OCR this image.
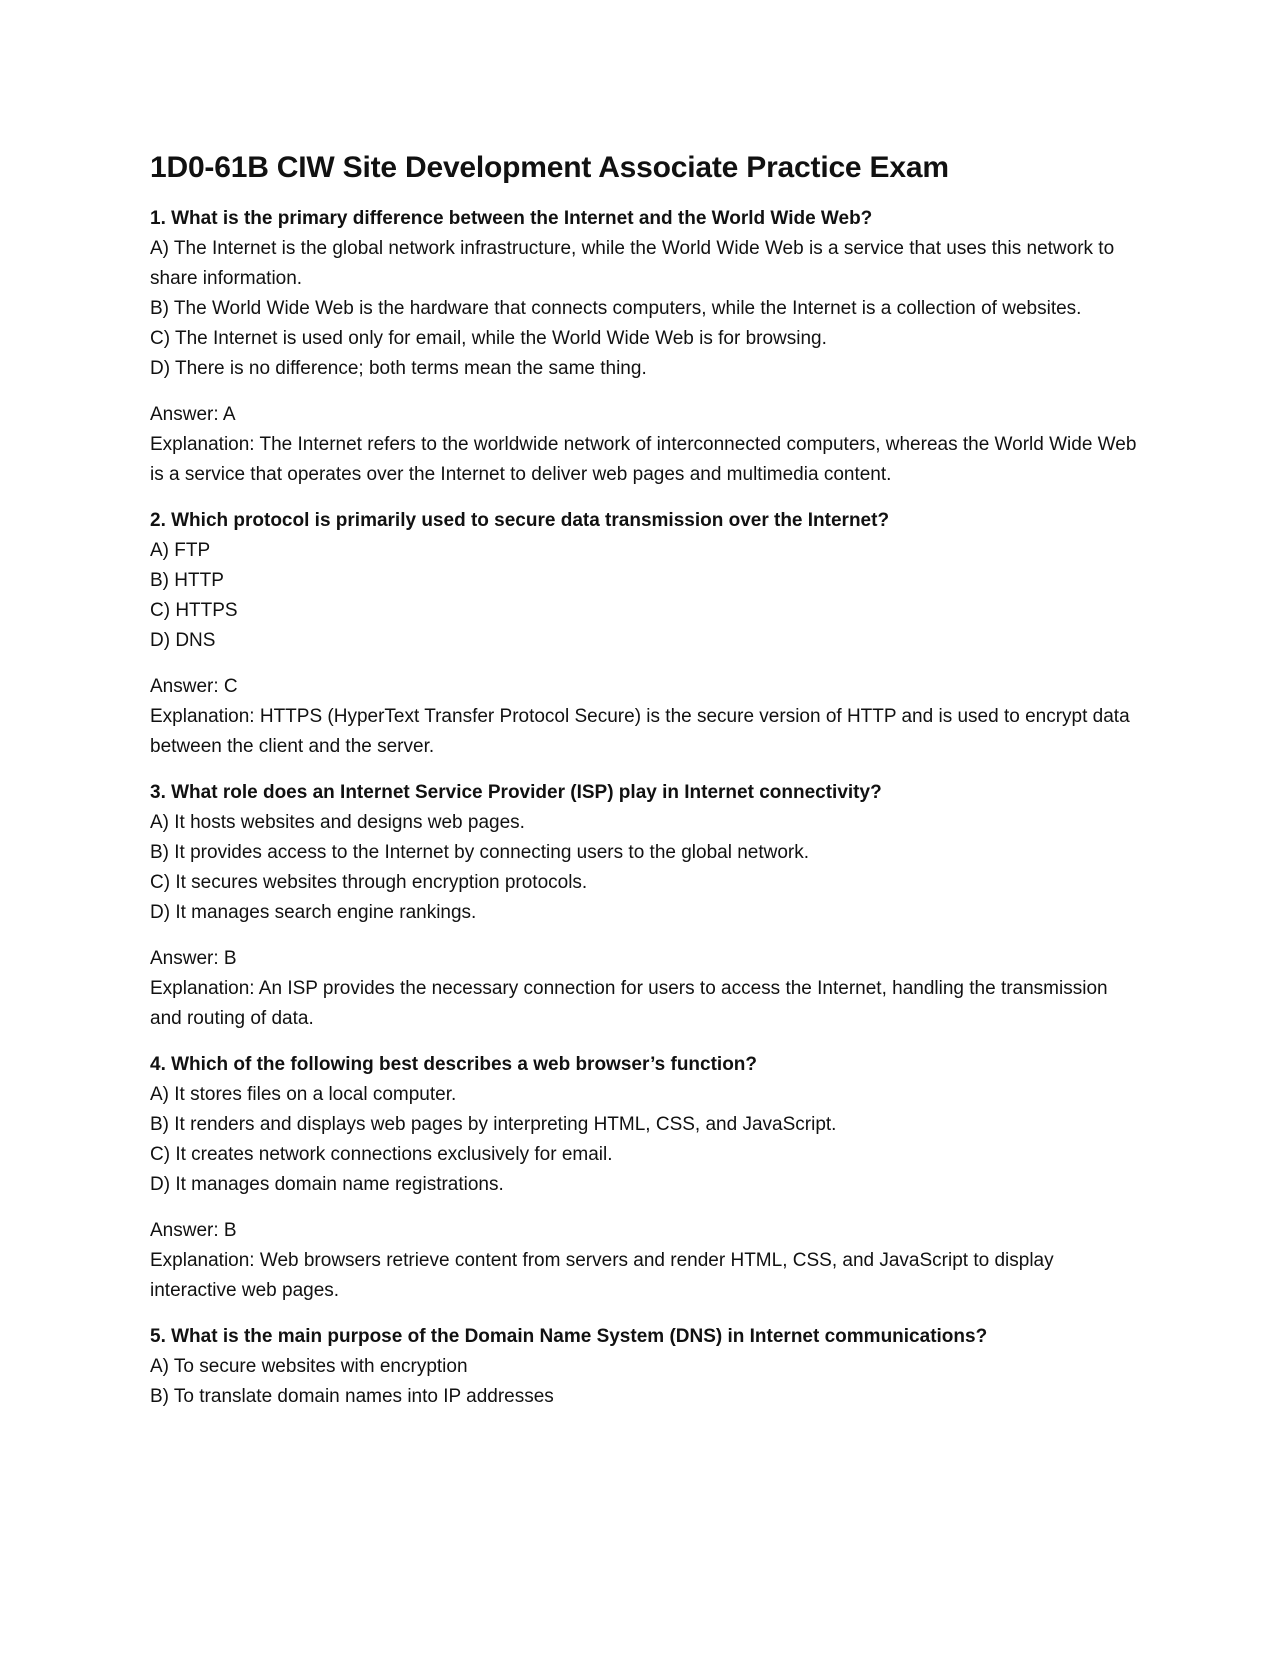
1D0-61B CIW Site Development Associate Practice Exam

1. What is the primary difference between the Internet and the World Wide Web?

A) The Internet is the global network infrastructure, while the World Wide Web is a service that uses this network to share information.

B) The World Wide Web is the hardware that connects computers, while the Internet is a collection of websites.

C) The Internet is used only for email, while the World Wide Web is for browsing.

D) There is no difference; both terms mean the same thing.

Answer: A

Explanation: The Internet refers to the worldwide network of interconnected computers, whereas the World Wide Web is a service that operates over the Internet to deliver web pages and multimedia content.

2. Which protocol is primarily used to secure data transmission over the Internet?

A) FTP

B) HTTP

C) HTTPS

D) DNS

Answer: C

Explanation: HTTPS (HyperText Transfer Protocol Secure) is the secure version of HTTP and is used to encrypt data between the client and the server.

3. What role does an Internet Service Provider (ISP) play in Internet connectivity?

A) It hosts websites and designs web pages.

B) It provides access to the Internet by connecting users to the global network.

C) It secures websites through encryption protocols.

D) It manages search engine rankings.

Answer: B

Explanation: An ISP provides the necessary connection for users to access the Internet, handling the transmission and routing of data.

4. Which of the following best describes a web browser’s function?

A) It stores files on a local computer.

B) It renders and displays web pages by interpreting HTML, CSS, and JavaScript.

C) It creates network connections exclusively for email.

D) It manages domain name registrations.

Answer: B

Explanation: Web browsers retrieve content from servers and render HTML, CSS, and JavaScript to display interactive web pages.

5. What is the main purpose of the Domain Name System (DNS) in Internet communications?

A) To secure websites with encryption

B) To translate domain names into IP addresses
